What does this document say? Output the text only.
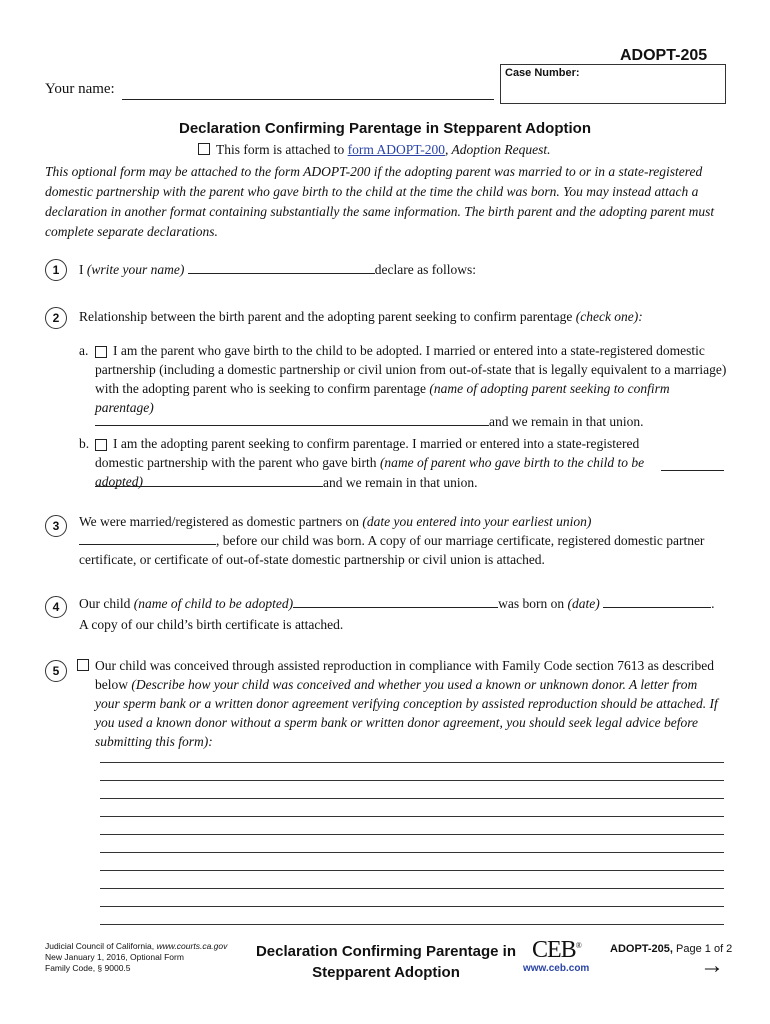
ADOPT-205
Case Number:
Your name:
Declaration Confirming Parentage in Stepparent Adoption
This form is attached to form ADOPT-200, Adoption Request.
This optional form may be attached to the form ADOPT-200 if the adopting parent was married to or in a state-registered domestic partnership with the parent who gave birth to the child at the time the child was born. You may instead attach a declaration in another format containing substantially the same information. The birth parent and the adopting parent must complete separate declarations.
1	I (write your name)	declare as follows:
2	Relationship between the birth parent and the adopting parent seeking to confirm parentage (check one):
a.	I am the parent who gave birth to the child to be adopted. I married or entered into a state-registered domestic partnership (including a domestic partnership or civil union from out-of-state that is legally equivalent to a marriage) with the adopting parent who is seeking to confirm parentage (name of adopting parent seeking to confirm parentage)
and we remain in that union.
b.	I am the adopting parent seeking to confirm parentage. I married or entered into a state-registered domestic partnership with the parent who gave birth (name of parent who gave birth to the child to be adopted)	and we remain in that union.
3	We were married/registered as domestic partners on (date you entered into your earliest union) , before our child was born. A copy of our marriage certificate, registered domestic partner certificate, or certificate of out-of-state domestic partnership or civil union is attached.
4	Our child (name of child to be adopted)	was born on (date)	.
A copy of our child’s birth certificate is attached.
5	Our child was conceived through assisted reproduction in compliance with Family Code section 7613 as described below (Describe how your child was conceived and whether you used a known or unknown donor. A letter from your sperm bank or a written donor agreement verifying conception by assisted reproduction should be attached. If you used a known donor without a sperm bank or written donor agreement, you should seek legal advice before submitting this form):
Judicial Council of California, www.courts.ca.gov
New January 1, 2016, Optional Form
Family Code, § 9000.5
Declaration Confirming Parentage in
Stepparent Adoption
CEB®
www.ceb.com
ADOPT-205, Page 1 of 2
→
